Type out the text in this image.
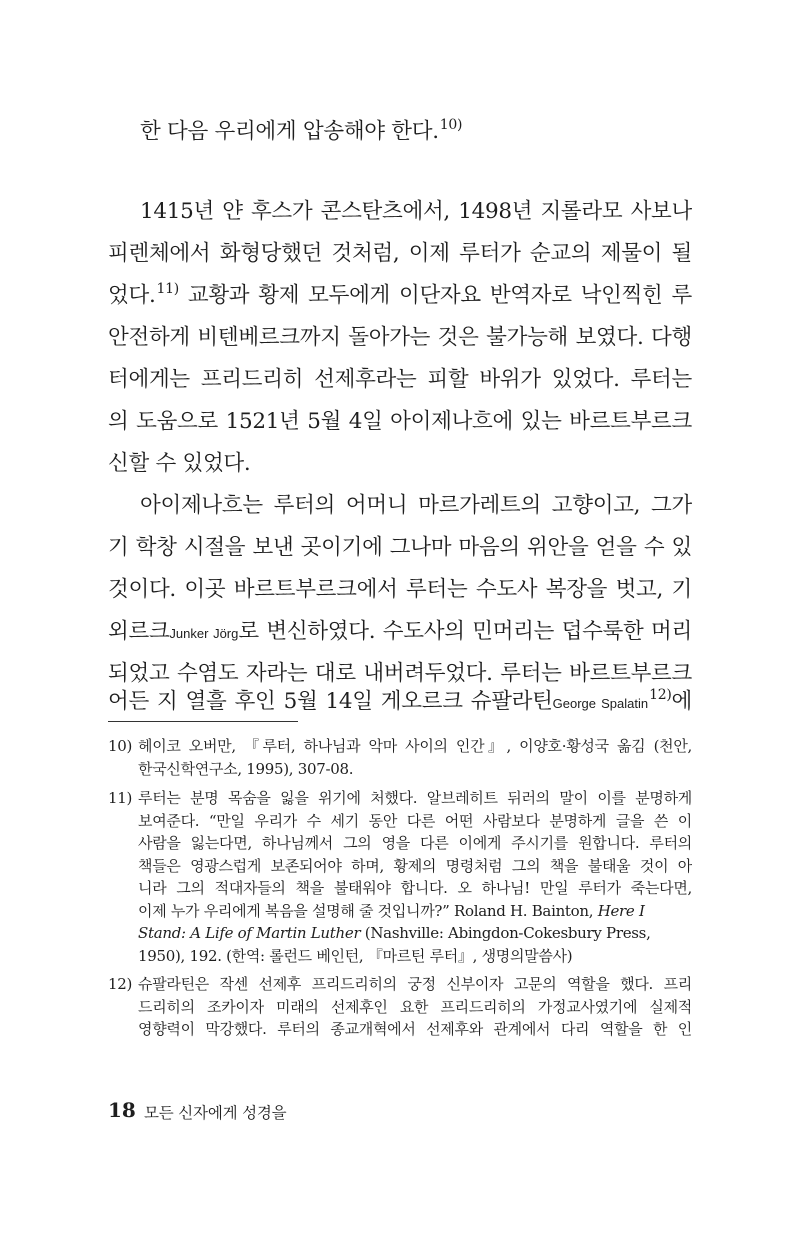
한 다음 우리에게 압송해야 한다.$^{10)}$
1415년 얀 후스가 콘스탄츠에서, 1498년 지롤라모 사보나
피렌체에서 화형당했던 것처럼, 이제 루터가 순교의 제물이 될
었다.$^{11)}$ 교황과 황제 모두에게 이단자요 반역자로 낙인찍힌 루
안전하게 비텐베르크까지 돌아가는 것은 불가능해 보였다. 다행
터에게는 프리드리히 선제후라는 피할 바위가 있었다. 루터는
의 도움으로 1521년 5월 4일 아이제나흐에 있는 바르트부르크
신할 수 있었다.
아이제나흐는 루터의 어머니 마르가레트의 고향이고, 그가
기 학창 시절을 보낸 곳이기에 그나마 마음의 위안을 얻을 수 있
것이다. 이곳 바르트부르크에서 루터는 수도사 복장을 벗고, 기
외르크Junker Jörg로 변신하였다. 수도사의 민머리는 덥수룩한 머리
되었고 수염도 자라는 대로 내버려두었다. 루터는 바르트부르크
어든 지 열흘 후인 5월 14일 게오르크 슈팔라틴George Spalatin$^{12)}$에
10) 헤이코 오버만, 『루터, 하나님과 악마 사이의 인간』, 이양호·황성국 옮김 (천안,
한국신학연구소, 1995), 307-08.
11) 루터는 분명 목숨을 잃을 위기에 처했다. 알브레히트 뒤러의 말이 이를 분명하게
보여준다. “만일 우리가 수 세기 동안 다른 어떤 사람보다 분명하게 글을 쓴 이
사람을 잃는다면, 하나님께서 그의 영을 다른 이에게 주시기를 원합니다. 루터의
책들은 영광스럽게 보존되어야 하며, 황제의 명령처럼 그의 책을 불태울 것이 아
니라 그의 적대자들의 책을 불태워야 합니다. 오 하나님! 만일 루터가 죽는다면,
이제 누가 우리에게 복음을 설명해 줄 것입니까?” Roland H. Bainton, Here I
Stand: A Life of Martin Luther (Nashville: Abingdon-Cokesbury Press,
1950), 192. (한역: 롤런드 베인턴, 『마르틴 루터』, 생명의말씀사)
12) 슈팔라틴은 작센 선제후 프리드리히의 궁정 신부이자 고문의 역할을 했다. 프리
드리히의 조카이자 미래의 선제후인 요한 프리드리히의 가정교사였기에 실제적
영향력이 막강했다. 루터의 종교개혁에서 선제후와 관계에서 다리 역할을 한 인
18 모든 신자에게 성경을
